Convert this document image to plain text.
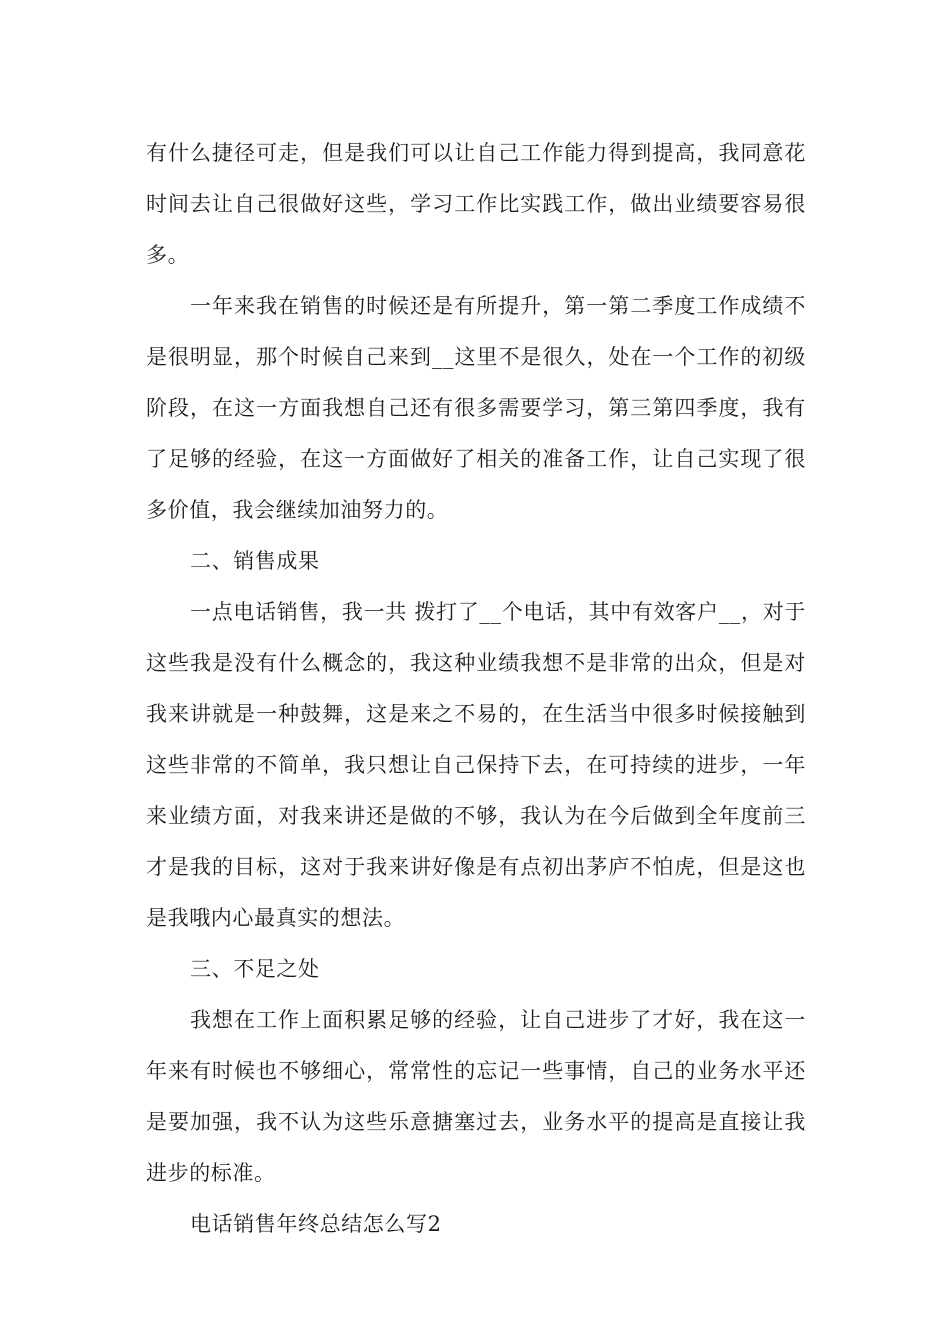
有什么捷径可走，但是我们可以让自己工作能力得到提高，我同意花时间去让自己很做好这些，学习工作比实践工作，做出业绩要容易很多。

一年来我在销售的时候还是有所提升，第一第二季度工作成绩不是很明显，那个时候自己来到__这里不是很久，处在一个工作的初级阶段，在这一方面我想自己还有很多需要学习，第三第四季度，我有了足够的经验，在这一方面做好了相关的准备工作，让自己实现了很多价值，我会继续加油努力的。

二、销售成果

一点电话销售，我一共 拨打了__个电话，其中有效客户__，对于这些我是没有什么概念的，我这种业绩我想不是非常的出众，但是对我来讲就是一种鼓舞，这是来之不易的，在生活当中很多时候接触到这些非常的不简单，我只想让自己保持下去，在可持续的进步，一年来业绩方面，对我来讲还是做的不够，我认为在今后做到全年度前三才是我的目标，这对于我来讲好像是有点初出茅庐不怕虎，但是这也是我哦内心最真实的想法。

三、不足之处

我想在工作上面积累足够的经验，让自己进步了才好，我在这一年来有时候也不够细心，常常性的忘记一些事情，自己的业务水平还是要加强，我不认为这些乐意搪塞过去，业务水平的提高是直接让我进步的标准。

电话销售年终总结怎么写2
